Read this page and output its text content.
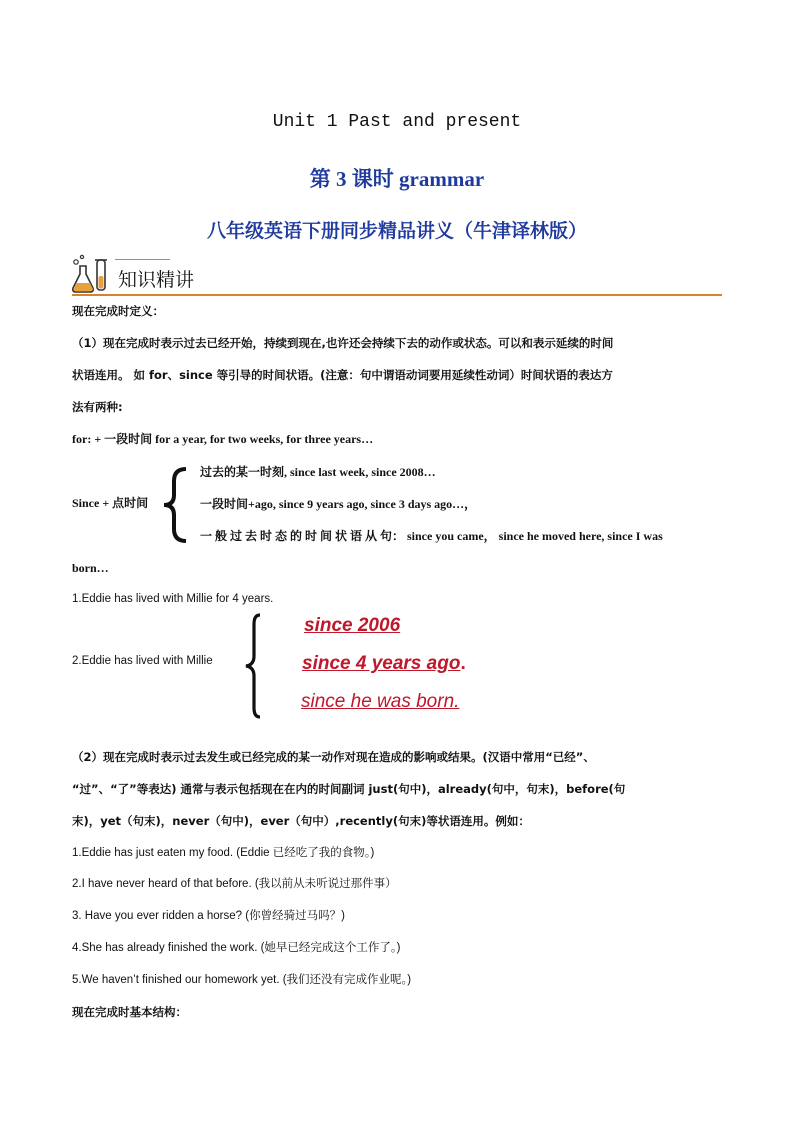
Unit 1 Past and present
第 3 课时 grammar
八年级英语下册同步精品讲义（牛津译林版）
知识精讲
现在完成时定义：
（1）现在完成时表示过去已经开始，持续到现在,也许还会持续下去的动作或状态。可以和表示延续的时间
状语连用。 如 for、since 等引导的时间状语。(注意：句中谓语动词要用延续性动词）时间状语的表达方
法有两种:
for: + 一段时间 for a year, for two weeks, for three years…
Since + 点时间
过去的某一时刻, since last week, since 2008…
一段时间+ago, since 9 years ago, since 3 days ago…，
一 般 过 去 时 态 的 时 间 状 语 从 句： since you came， since he moved here, since I was
born…
1.Eddie has lived with Millie for 4 years.
2.Eddie has lived with Millie
since 2006
since 4 years ago.
since he was born.
（2）现在完成时表示过去发生或已经完成的某一动作对现在造成的影响或结果。(汉语中常用“已经”、
“过”、“了”等表达) 通常与表示包括现在在内的时间副词 just(句中)，already(句中，句末)，before(句
末)，yet（句末)，never（句中)，ever（句中）,recently(句末)等状语连用。例如：
1.Eddie has just eaten my food. (Eddie 已经吃了我的食物。)
2.I have never heard of that before. (我以前从未听说过那件事）
3. Have you ever ridden a horse? (你曾经骑过马吗？)
4.She has already finished the work. (她早已经完成这个工作了。)
5.We haven’t finished our homework yet. (我们还没有完成作业呢。)
现在完成时基本结构：
